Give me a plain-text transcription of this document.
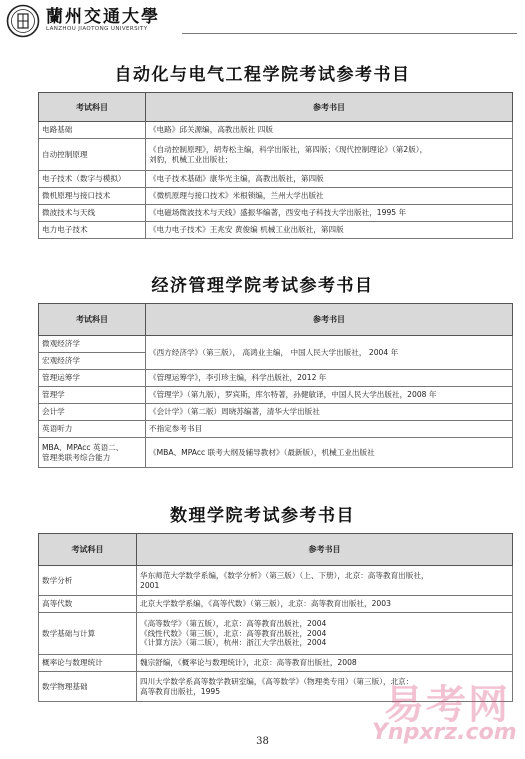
蘭州交通大學
LANZHOU JIAOTONG UNIVERSITY
自动化与电气工程学院考试参考书目
考试科目	参考书目
电路基础	《电路》邱关源编，高教出版社 四版
自动控制原理	《自动控制原理》，胡寿松主编，科学出版社，第四版；《现代控制理论》（第2版），
刘豹，机械工业出版社；
电子技术（数字与模拟）	《电子技术基础》康华光主编，高教出版社，第四版
微机原理与接口技术	《微机原理与接口技术》米根锁编，兰州大学出版社
微波技术与天线	《电磁场微波技术与天线》盛振华编著，西安电子科技大学出版社，1995 年
电力电子技术	《电力电子技术》王兆安 黄俊编 机械工业出版社，第四版
经济管理学院考试参考书目
考试科目	参考书目
微观经济学	《西方经济学》（第三版）， 高鸿业主编， 中国人民大学出版社， 2004 年
宏观经济学	
管理运筹学	《管理运筹学》，李引珍主编，科学出版社，2012 年
管理学	《管理学》（第九版），罗宾斯，库尔特著，孙健敏译，中国人民大学出版社，2008 年
会计学	《会计学》（第二版）周晓苏编著，清华大学出版社
英语听力	不指定参考书目
MBA、MPAcc 英语二、
管理类联考综合能力	《MBA、MPAcc 联考大纲及辅导教材》（最新版），机械工业出版社
数理学院考试参考书目
考试科目	参考书目
数学分析	华东师范大学数学系编，《数学分析》（第三版）（上、下册），北京：高等教育出版社，
2001
高等代数	北京大学数学系编，《高等代数》（第三版），北京：高等教育出版社，2003
数学基础与计算	《高等数学》（第五版），北京：高等教育出版社，2004
《线性代数》（第三版），北京：高等教育出版社，2004
《计算方法》（第二版），杭州：浙江大学出版社，2004
概率论与数理统计	魏宗舒编，《概率论与数理统计》，北京：高等教育出版社，2008
数学物理基础	四川大学数学系高等数学教研室编，《高等数学》（物理类专用）（第三版），北京：
高等教育出版社，1995	易考网
Ynpxrz.com
38
